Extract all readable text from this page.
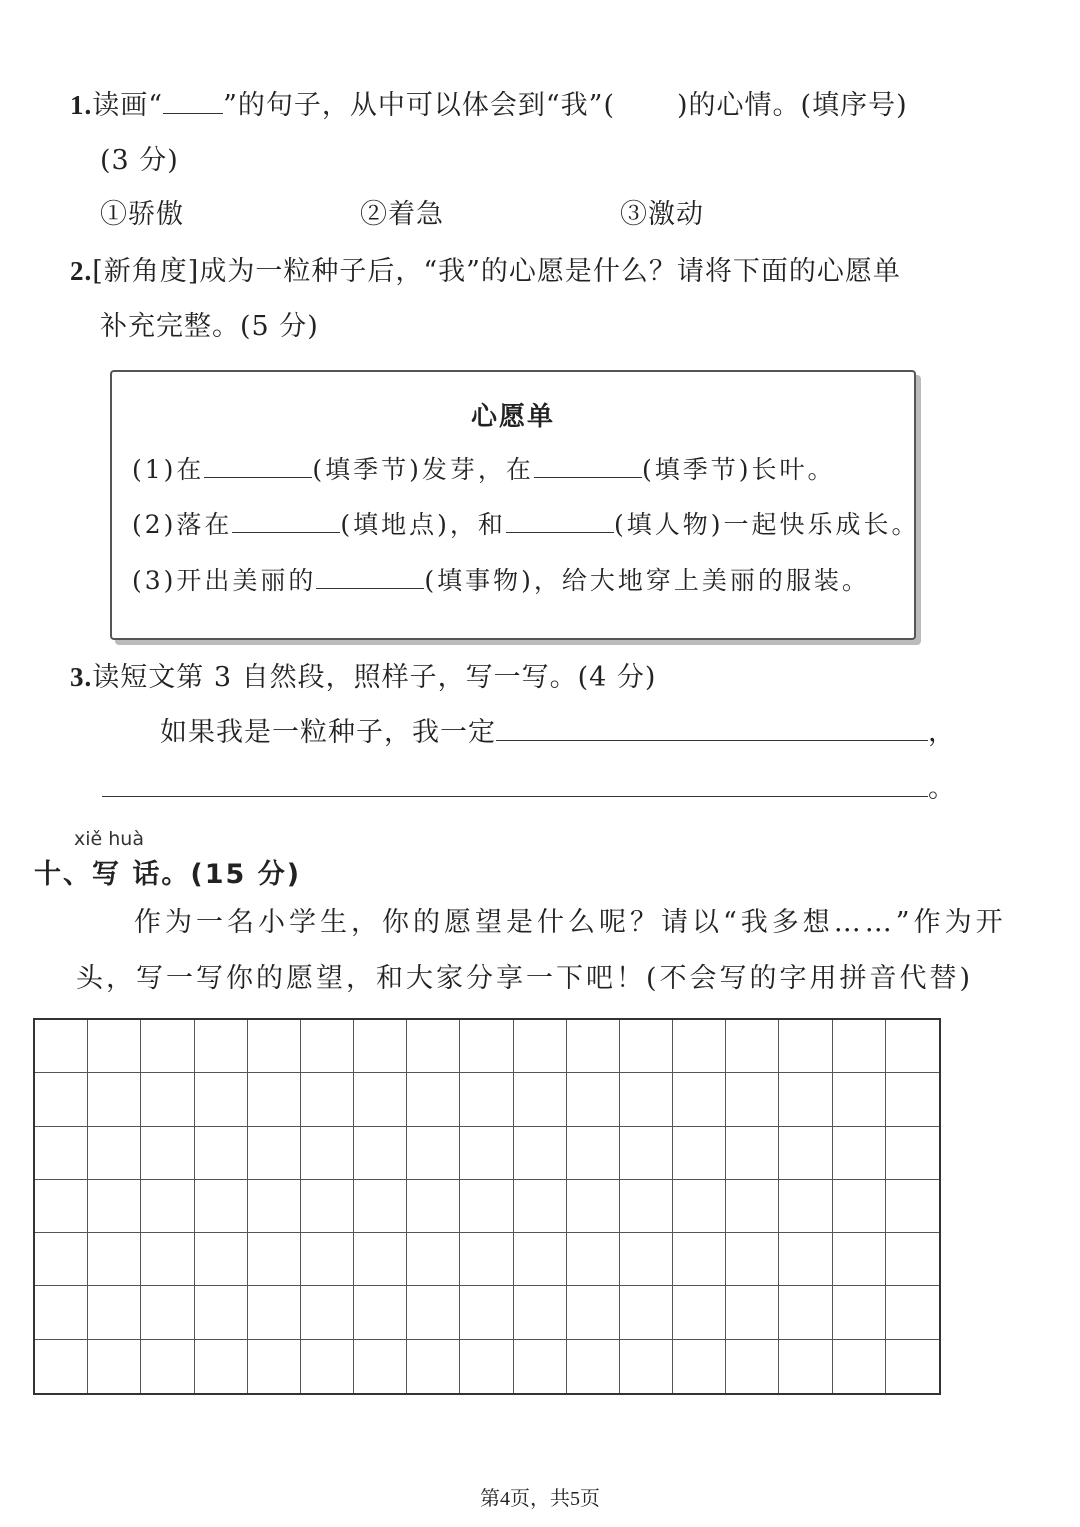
1.读画“ ”的句子，从中可以体会到“我”( )的心情。(填序号)
(3 分)
①骄傲	②着急	③激动
2.[新角度]成为一粒种子后，“我”的心愿是什么？请将下面的心愿单
补充完整。(5 分)
心愿单
(1)在	(填季节)发芽，在	(填季节)长叶。
(2)落在	(填地点)，和	(填人物)一起快乐成长。
(3)开出美丽的	(填事物)，给大地穿上美丽的服装。
3.读短文第 3 自然段，照样子，写一写。(4 分)
如果我是一粒种子，我一定	，
。
xiě huà
十、写 话。(15 分)
作为一名小学生，你的愿望是什么呢？请以“我多想……”作为开
头，写一写你的愿望，和大家分享一下吧！(不会写的字用拼音代替)
第4页，共5页
